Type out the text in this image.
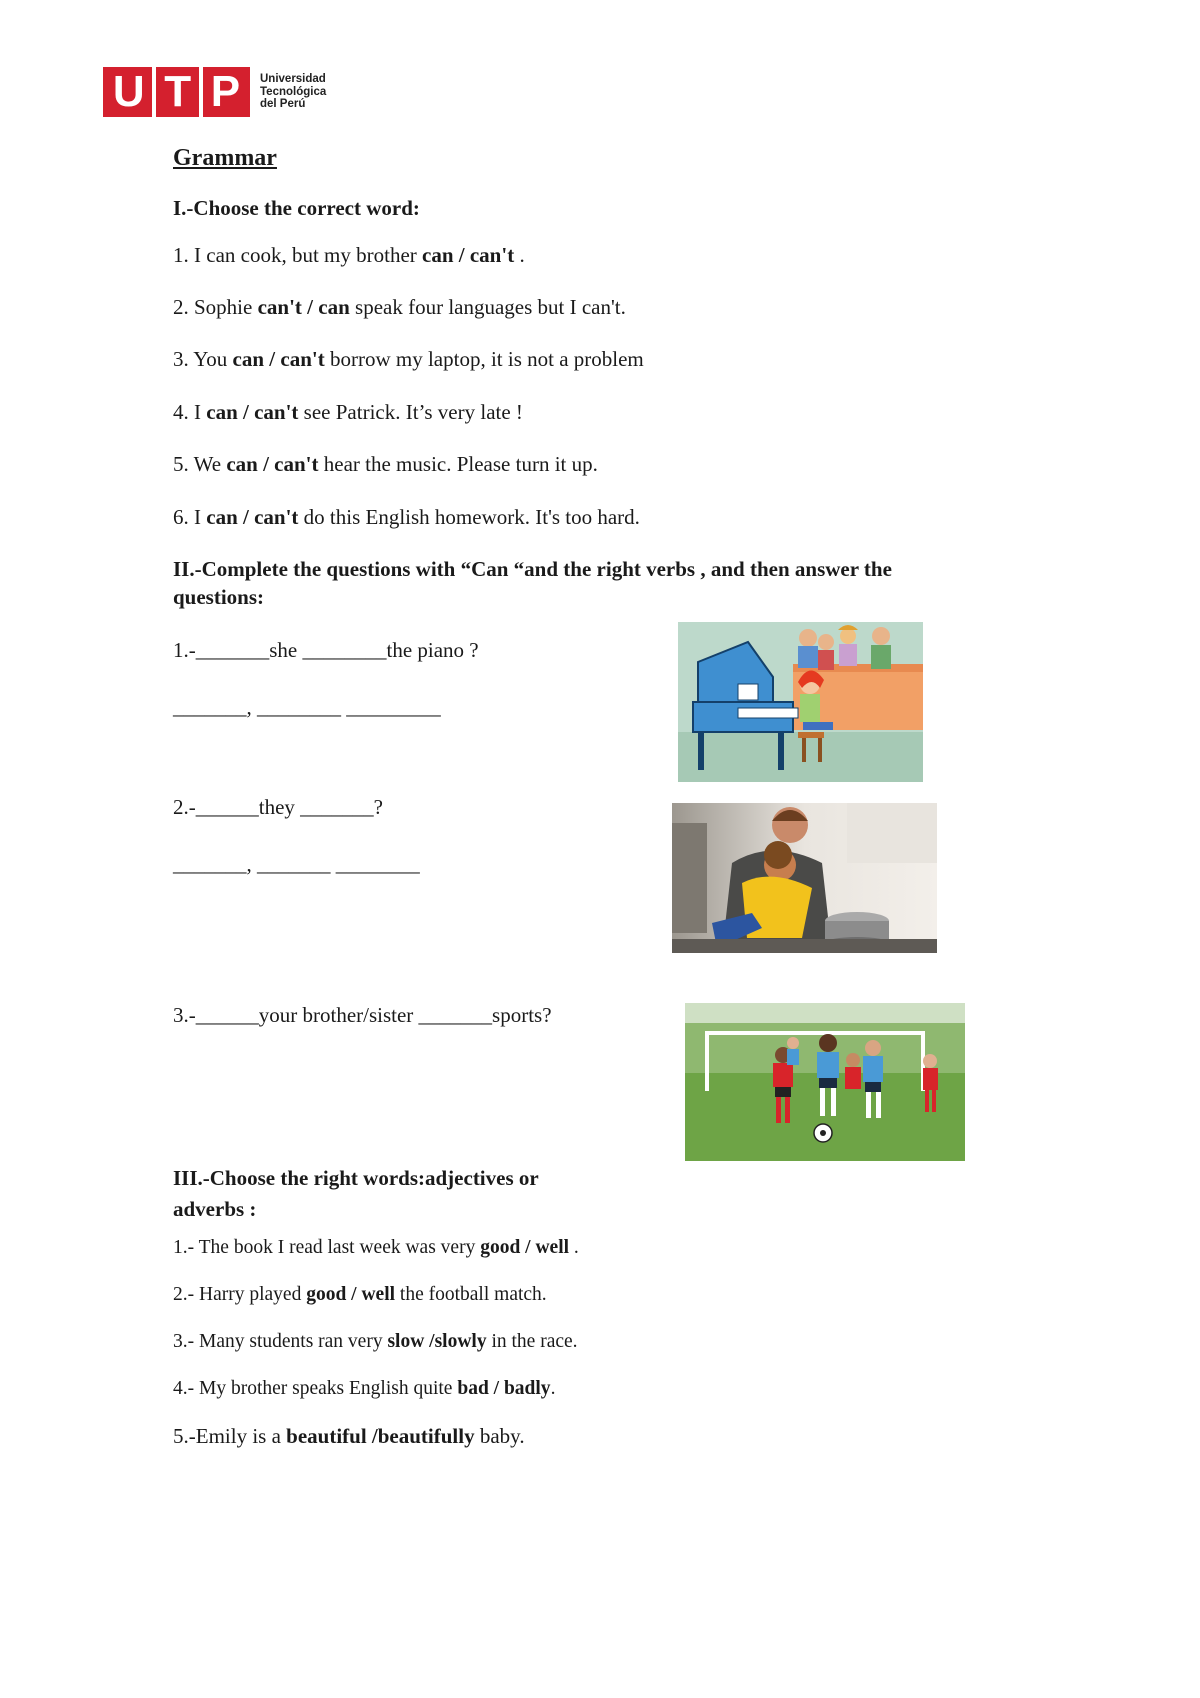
U T P Universidad
Tecnológica
del Perú
Grammar
I.-Choose the correct word:
1. I can cook, but my brother can / can't .
2. Sophie can't / can speak four languages but I can't.
3. You can / can't borrow my laptop, it is not a problem
4. I can / can't see Patrick. It’s very late !
5. We can / can't hear the music. Please turn it up.
6. I can / can't do this English homework. It's too hard.
II.-Complete the questions with “Can “and the right verbs , and then answer the
questions:
1.-_______she ________the piano ?
_______, ________ _________
2.-______they _______?
_______, _______ ________
3.-______your brother/sister _______sports?
III.-Choose the right words:adjectives or
adverbs :
1.- The book I read last week was very good / well .
2.- Harry played good / well the football match.
3.- Many students ran very slow /slowly in the race.
4.- My brother speaks English quite bad / badly.
5.-Emily is a beautiful /beautifully baby.
